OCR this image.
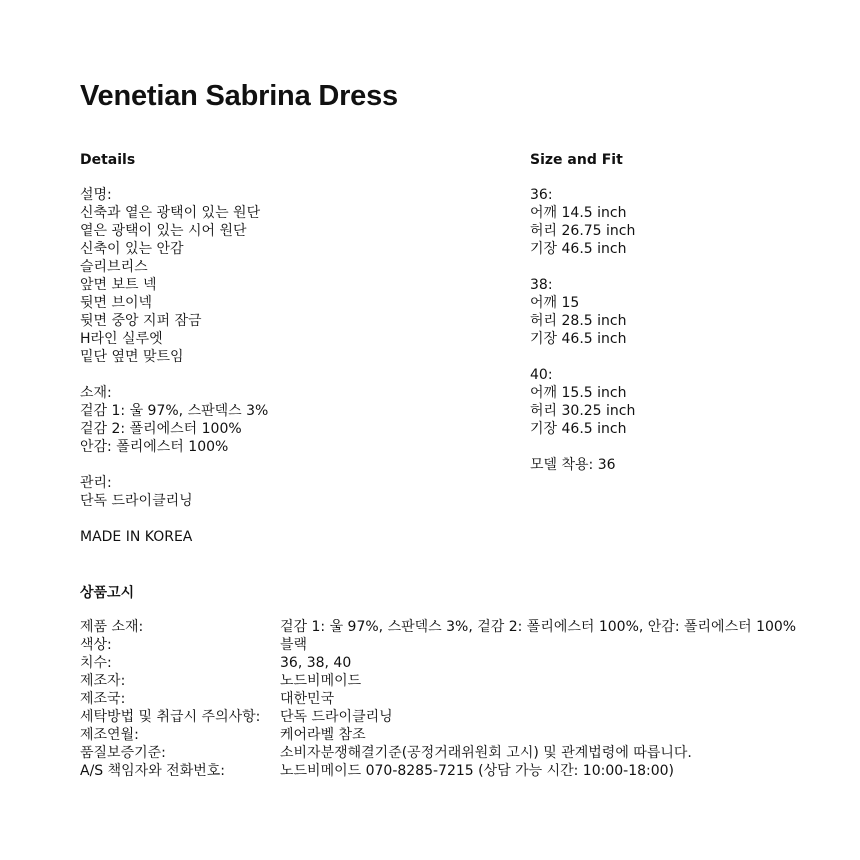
Venetian Sabrina Dress
Details	Size and Fit
설명:
신축과 옅은 광택이 있는 원단
옅은 광택이 있는 시어 원단
신축이 있는 안감
슬리브리스
앞면 보트 넥
뒷면 브이넥
뒷면 중앙 지퍼 잠금
H라인 실루엣
밑단 옆면 맞트임
소재:
겉감 1: 울 97%, 스판덱스 3%
겉감 2: 폴리에스터 100%
안감: 폴리에스터 100%
관리:
단독 드라이클리닝
MADE IN KOREA
36:
어깨 14.5 inch
허리 26.75 inch
기장 46.5 inch
38:
어깨 15
허리 28.5 inch
기장 46.5 inch
40:
어깨 15.5 inch
허리 30.25 inch
기장 46.5 inch
모델 착용: 36
상품고시
제품 소재:	겉감 1: 울 97%, 스판덱스 3%, 겉감 2: 폴리에스터 100%, 안감: 폴리에스터 100%
색상:	블랙
치수:	36, 38, 40
제조자:	노드비메이드
제조국:	대한민국
세탁방법 및 취급시 주의사항:	단독 드라이클리닝
제조연월:	케어라벨 참조
품질보증기준:	소비자분쟁해결기준(공정거래위원회 고시) 및 관계법령에 따릅니다.
A/S 책임자와 전화번호:	노드비메이드 070-8285-7215 (상담 가능 시간: 10:00-18:00)
